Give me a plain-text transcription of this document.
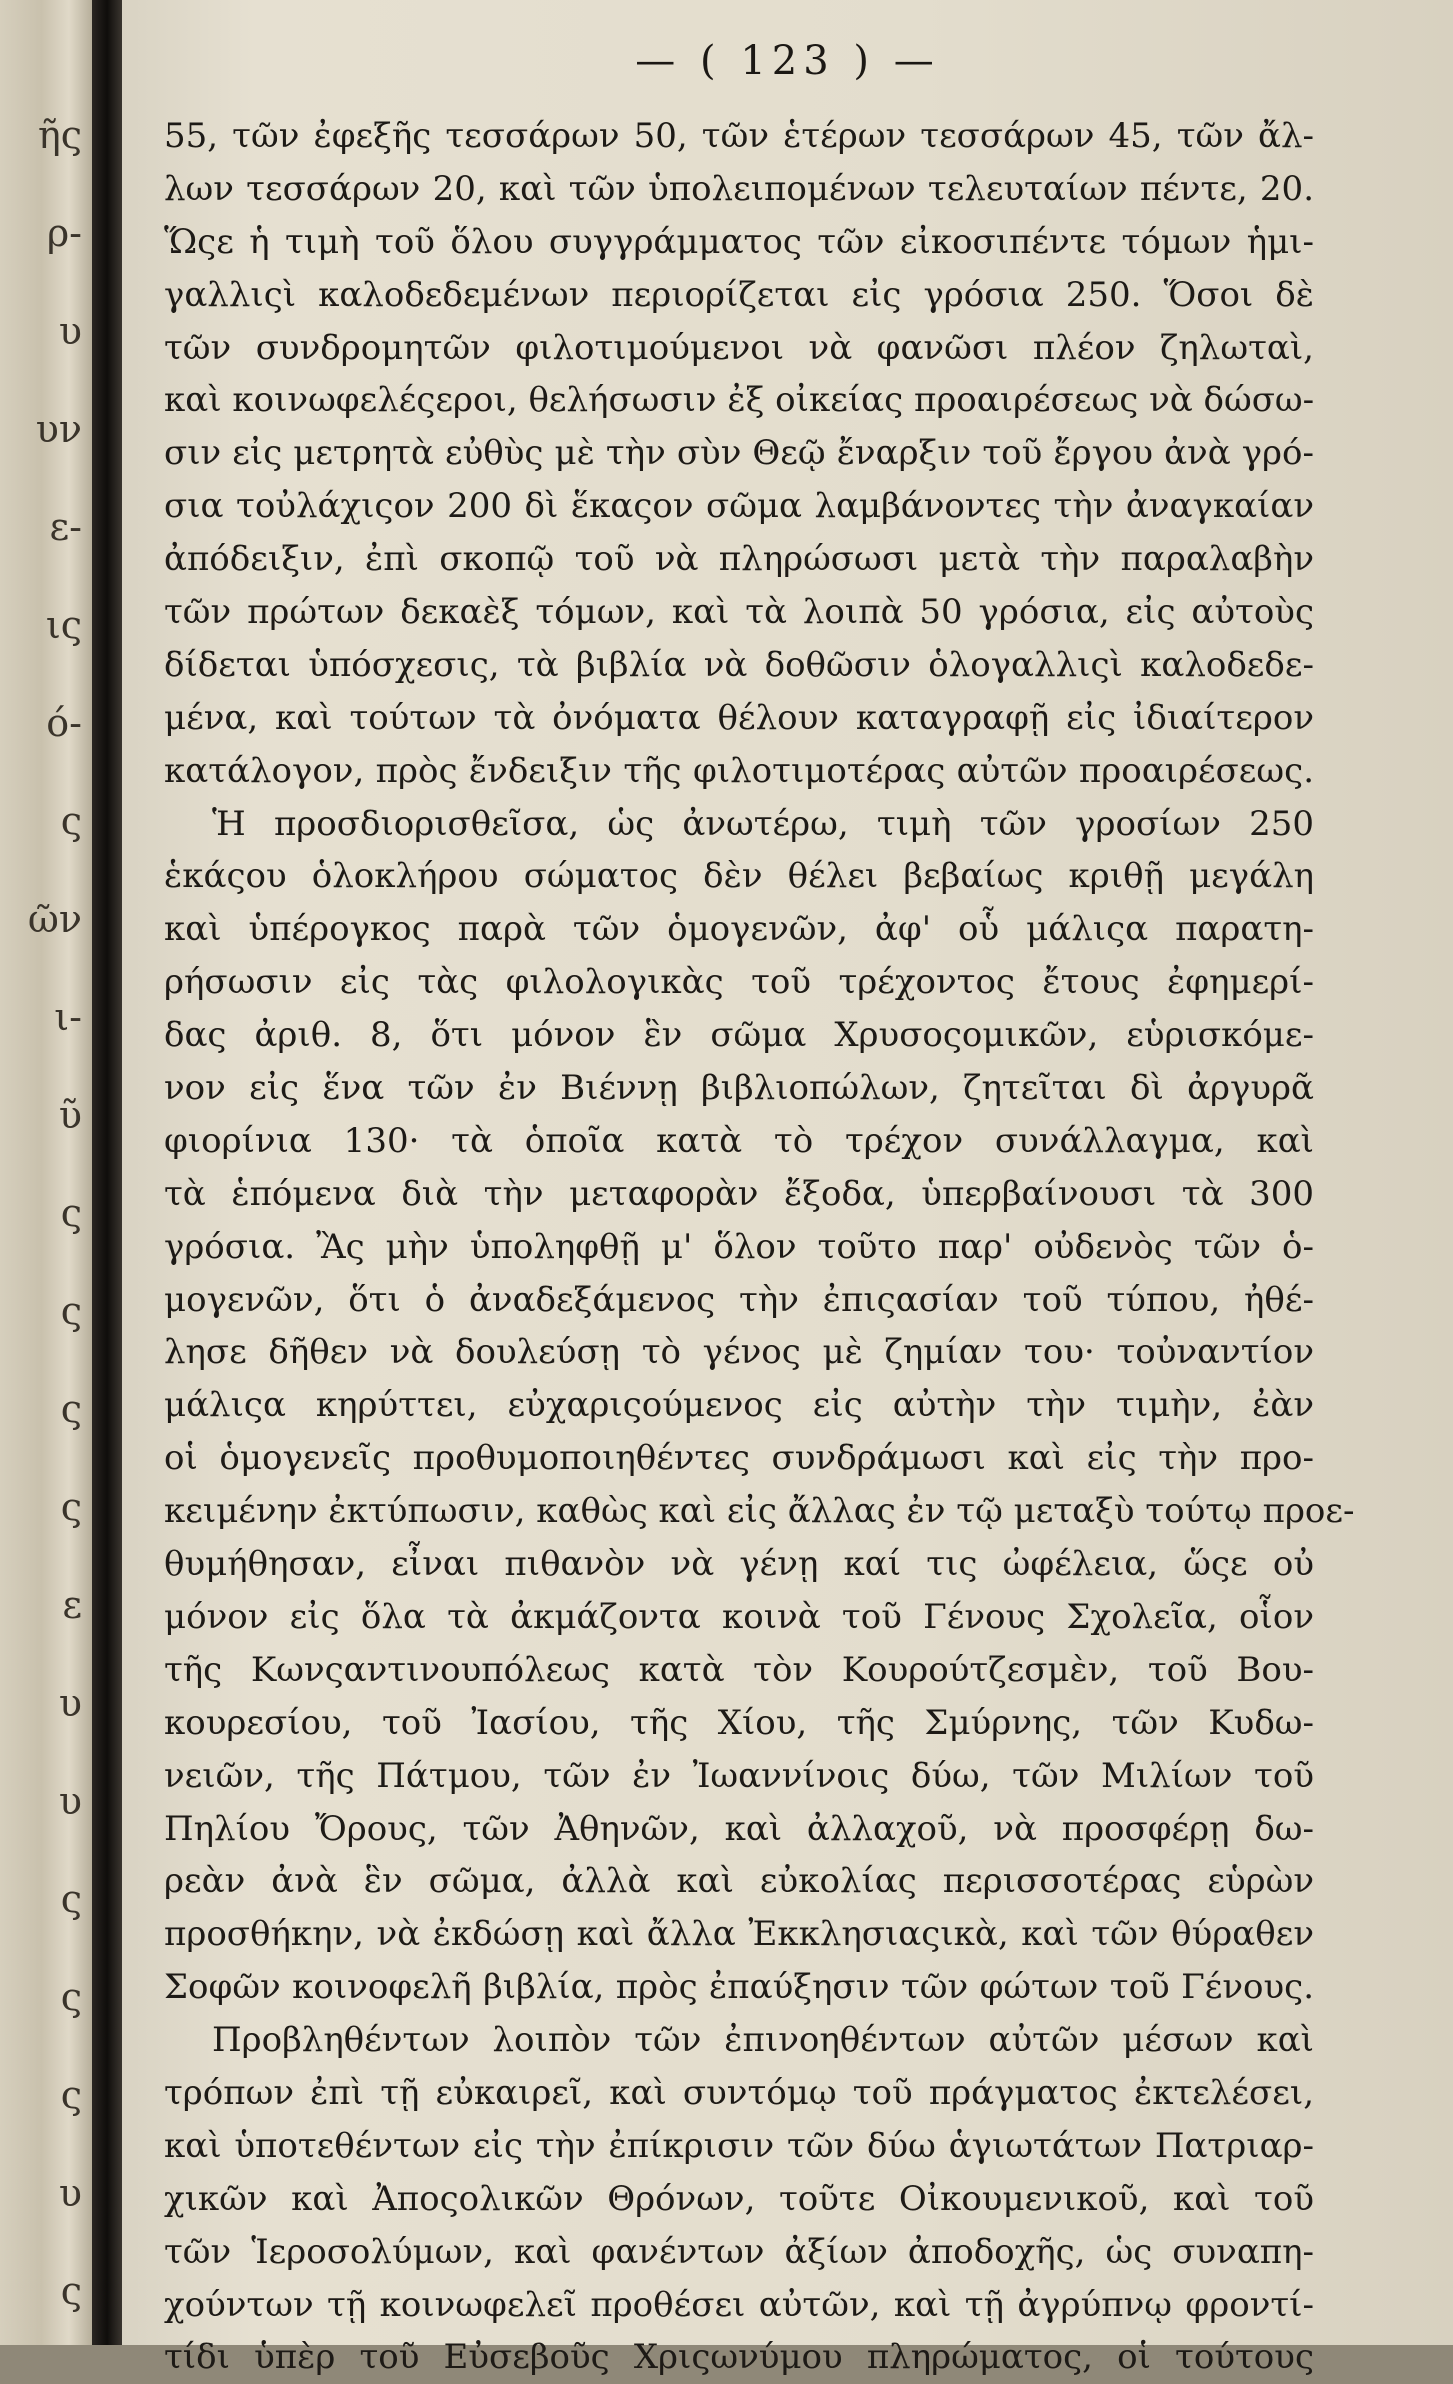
ῆς
ρ-
υ
υν
ε-
ις
ό-
ς
ῶν
ι-
ῦ
ς
ς
ς
ς
ε
υ
υ
ς
ς
ς
υ
ς
— ( 123 ) —
55, τῶν ἐφεξῆς τεσσάρων 50, τῶν ἑτέρων τεσσάρων 45, τῶν ἄλ-
λων τεσσάρων 20, καὶ τῶν ὑπολειπομένων τελευταίων πέντε, 20.
Ὥςε ἡ τιμὴ τοῦ ὅλου συγγράμματος τῶν εἰκοσιπέντε τόμων ἡμι-
γαλλιςὶ καλοδεδεμένων περιορίζεται εἰς γρόσια 250. Ὅσοι δὲ
τῶν συνδρομητῶν φιλοτιμούμενοι νὰ φανῶσι πλέον ζηλωταὶ,
καὶ κοινωφελέςεροι, θελήσωσιν ἐξ οἰκείας προαιρέσεως νὰ δώσω-
σιν εἰς μετρητὰ εὐθὺς μὲ τὴν σὺν Θεῷ ἔναρξιν τοῦ ἔργου ἀνὰ γρό-
σια τοὐλάχιςον 200 δὶ ἕκαςον σῶμα λαμβάνοντες τὴν ἀναγκαίαν
ἀπόδειξιν, ἐπὶ σκοπῷ τοῦ νὰ πληρώσωσι μετὰ τὴν παραλαβὴν
τῶν πρώτων δεκαὲξ τόμων, καὶ τὰ λοιπὰ 50 γρόσια, εἰς αὐτοὺς
δίδεται ὑπόσχεσις, τὰ βιβλία νὰ δοθῶσιν ὁλογαλλιςὶ καλοδεδε-
μένα, καὶ τούτων τὰ ὀνόματα θέλουν καταγραφῇ εἰς ἰδιαίτερον
κατάλογον, πρὸς ἔνδειξιν τῆς φιλοτιμοτέρας αὐτῶν προαιρέσεως.
Ἡ προσδιορισθεῖσα, ὡς ἀνωτέρω, τιμὴ τῶν γροσίων 250
ἑκάςου ὁλοκλήρου σώματος δὲν θέλει βεβαίως κριθῇ μεγάλη
καὶ ὑπέρογκος παρὰ τῶν ὁμογενῶν, ἀφ' οὗ μάλιςα παρατη-
ρήσωσιν εἰς τὰς φιλολογικὰς τοῦ τρέχοντος ἔτους ἐφημερί-
δας ἀριθ. 8, ὅτι μόνον ἓν σῶμα Χρυσοςομικῶν, εὑρισκόμε-
νον εἰς ἕνα τῶν ἐν Βιέννῃ βιβλιοπώλων, ζητεῖται δὶ ἀργυρᾶ
φιορίνια 130· τὰ ὁποῖα κατὰ τὸ τρέχον συνάλλαγμα, καὶ
τὰ ἑπόμενα διὰ τὴν μεταφορὰν ἔξοδα, ὑπερβαίνουσι τὰ 300
γρόσια. Ἂς μὴν ὑποληφθῇ μ' ὅλον τοῦτο παρ' οὐδενὸς τῶν ὁ-
μογενῶν, ὅτι ὁ ἀναδεξάμενος τὴν ἐπιςασίαν τοῦ τύπου, ἠθέ-
λησε δῆθεν νὰ δουλεύσῃ τὸ γένος μὲ ζημίαν του· τοὐναντίον
μάλιςα κηρύττει, εὐχαριςούμενος εἰς αὐτὴν τὴν τιμὴν, ἐὰν
οἱ ὁμογενεῖς προθυμοποιηθέντες συνδράμωσι καὶ εἰς τὴν προ-
κειμένην ἐκτύπωσιν, καθὼς καὶ εἰς ἄλλας ἐν τῷ μεταξὺ τούτῳ προε-
θυμήθησαν, εἶναι πιθανὸν νὰ γένῃ καί τις ὠφέλεια, ὥςε οὐ
μόνον εἰς ὅλα τὰ ἀκμάζοντα κοινὰ τοῦ Γένους Σχολεῖα, οἷον
τῆς Κωνςαντινουπόλεως κατὰ τὸν Κουρούτζεσμὲν, τοῦ Βου-
κουρεσίου, τοῦ Ἰασίου, τῆς Χίου, τῆς Σμύρνης, τῶν Κυδω-
νειῶν, τῆς Πάτμου, τῶν ἐν Ἰωαννίνοις δύω, τῶν Μιλίων τοῦ
Πηλίου Ὄρους, τῶν Ἀθηνῶν, καὶ ἀλλαχοῦ, νὰ προσφέρῃ δω-
ρεὰν ἀνὰ ἓν σῶμα, ἀλλὰ καὶ εὐκολίας περισσοτέρας εὑρὼν
προσθήκην, νὰ ἐκδώσῃ καὶ ἄλλα Ἐκκλησιαςικὰ, καὶ τῶν θύραθεν
Σοφῶν κοινοφελῆ βιβλία, πρὸς ἐπαύξησιν τῶν φώτων τοῦ Γένους.
Προβληθέντων λοιπὸν τῶν ἐπινοηθέντων αὐτῶν μέσων καὶ
τρόπων ἐπὶ τῇ εὐκαιρεῖ, καὶ συντόμῳ τοῦ πράγματος ἐκτελέσει,
καὶ ὑποτεθέντων εἰς τὴν ἐπίκρισιν τῶν δύω ἁγιωτάτων Πατριαρ-
χικῶν καὶ Ἀποςολικῶν Θρόνων, τοῦτε Οἰκουμενικοῦ, καὶ τοῦ
τῶν Ἱεροσολύμων, καὶ φανέντων ἀξίων ἀποδοχῆς, ὡς συναπη-
χούντων τῇ κοινωφελεῖ προθέσει αὐτῶν, καὶ τῇ ἀγρύπνῳ φροντί-
τίδι ὑπὲρ τοῦ Εὐσεβοῦς Χριςωνύμου πληρώματος, οἱ τούτους
